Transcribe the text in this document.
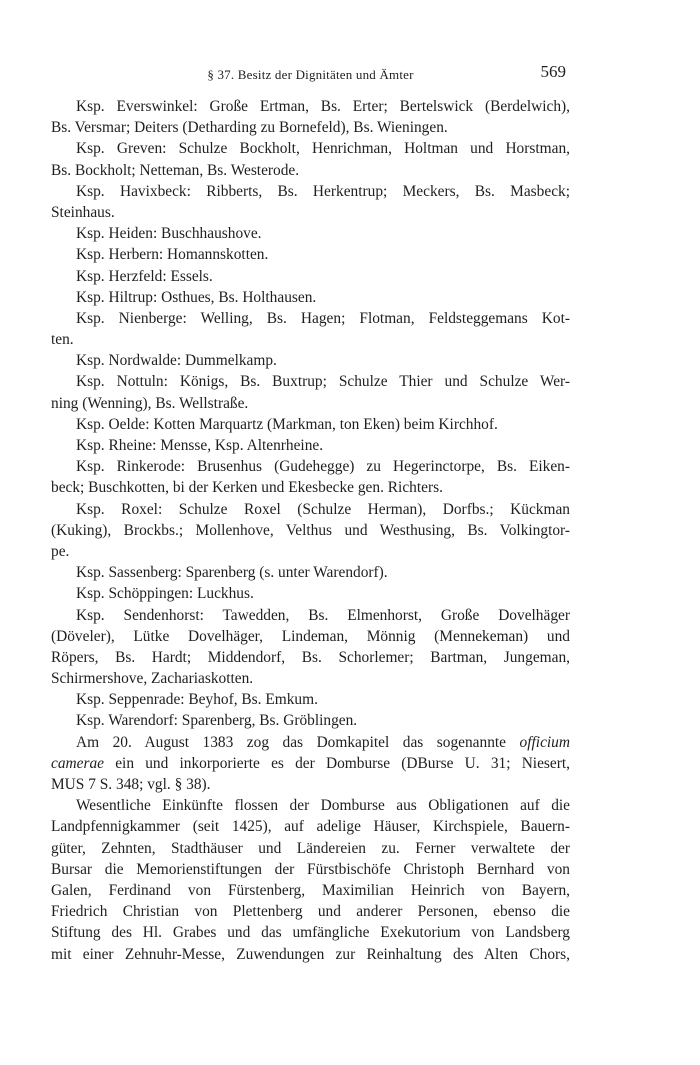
§ 37. Besitz der Dignitäten und Ämter	569
Ksp. Everswinkel: Große Ertman, Bs. Erter; Bertelswick (Berdelwich),
Bs. Versmar; Deiters (Detharding zu Bornefeld), Bs. Wieningen.
Ksp. Greven: Schulze Bockholt, Henrichman, Holtman und Horstman,
Bs. Bockholt; Netteman, Bs. Westerode.
Ksp. Havixbeck: Ribberts, Bs. Herkentrup; Meckers, Bs. Masbeck;
Steinhaus.
Ksp. Heiden: Buschhaushove.
Ksp. Herbern: Homannskotten.
Ksp. Herzfeld: Essels.
Ksp. Hiltrup: Osthues, Bs. Holthausen.
Ksp. Nienberge: Welling, Bs. Hagen; Flotman, Feldsteggemans Kot-
ten.
Ksp. Nordwalde: Dummelkamp.
Ksp. Nottuln: Königs, Bs. Buxtrup; Schulze Thier und Schulze Wer-
ning (Wenning), Bs. Wellstraße.
Ksp. Oelde: Kotten Marquartz (Markman, ton Eken) beim Kirchhof.
Ksp. Rheine: Mensse, Ksp. Altenrheine.
Ksp. Rinkerode: Brusenhus (Gudehegge) zu Hegerinctorpe, Bs. Eiken-
beck; Buschkotten, bi der Kerken und Ekesbecke gen. Richters.
Ksp. Roxel: Schulze Roxel (Schulze Herman), Dorfbs.; Kückman
(Kuking), Brockbs.; Mollenhove, Velthus und Westhusing, Bs. Volkingtor-
pe.
Ksp. Sassenberg: Sparenberg (s. unter Warendorf).
Ksp. Schöppingen: Luckhus.
Ksp. Sendenhorst: Tawedden, Bs. Elmenhorst, Große Dovelhäger
(Döveler), Lütke Dovelhäger, Lindeman, Mönnig (Mennekeman) und
Röpers, Bs. Hardt; Middendorf, Bs. Schorlemer; Bartman, Jungeman,
Schirmershove, Zachariaskotten.
Ksp. Seppenrade: Beyhof, Bs. Emkum.
Ksp. Warendorf: Sparenberg, Bs. Gröblingen.
Am 20. August 1383 zog das Domkapitel das sogenannte officium
camerae ein und inkorporierte es der Domburse (DBurse U. 31; Niesert,
MUS 7 S. 348; vgl. § 38).
Wesentliche Einkünfte flossen der Domburse aus Obligationen auf die
Landpfennigkammer (seit 1425), auf adelige Häuser, Kirchspiele, Bauern-
güter, Zehnten, Stadthäuser und Ländereien zu. Ferner verwaltete der
Bursar die Memorienstiftungen der Fürstbischöfe Christoph Bernhard von
Galen, Ferdinand von Fürstenberg, Maximilian Heinrich von Bayern,
Friedrich Christian von Plettenberg und anderer Personen, ebenso die
Stiftung des Hl. Grabes und das umfängliche Exekutorium von Landsberg
mit einer Zehnuhr-Messe, Zuwendungen zur Reinhaltung des Alten Chors,
